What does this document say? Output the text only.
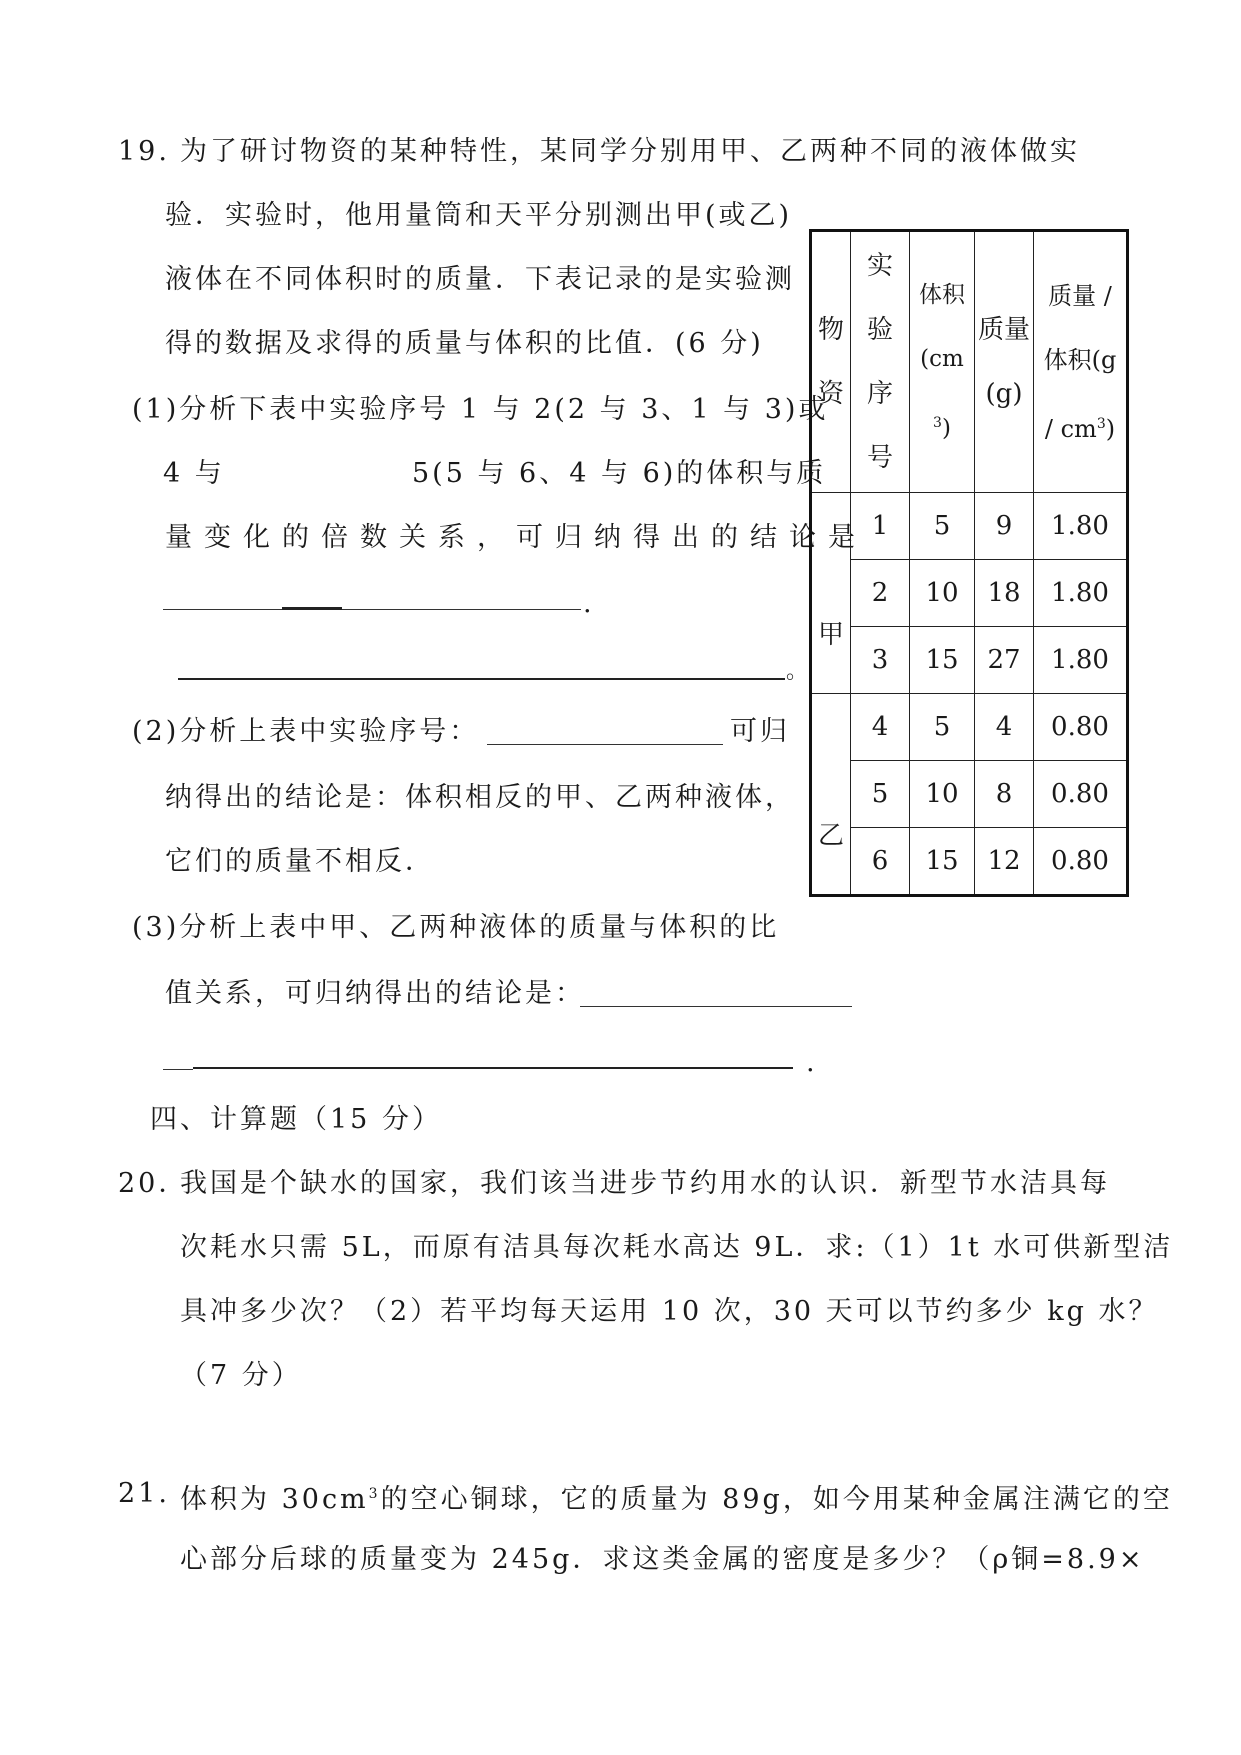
19. 为了研讨物资的某种特性，某同学分别用甲、乙两种不同的液体做实
验．实验时，他用量筒和天平分别测出甲(或乙)
液体在不同体积时的质量．下表记录的是实验测
得的数据及求得的质量与体积的比值．(6 分)
(1)分析下表中实验序号 1 与 2(2 与 3、1 与 3)或
4 与	5(5 与 6、4 与 6)的体积与质
量变化的倍数关系，可归纳得出的结论是
.
。
(2)分析上表中实验序号：	可归
纳得出的结论是：体积相反的甲、乙两种液体，
它们的质量不相反．
(3)分析上表中甲、乙两种液体的质量与体积的比
值关系，可归纳得出的结论是：
.
物资	实验序号	体积$(cm^3)$	质量(g)	质量 /
体积(g
/ $cm^3$)

甲	1	5	9	1.80
	2	10	18	1.80
	3	15	27	1.80
乙	4	5	4	0.80
	5	10	8	0.80
	6	15	12	0.80
四、计算题（15 分）
20．
我国是个缺水的国家，我们该当进步节约用水的认识．新型节水洁具每
次耗水只需 5L，而原有洁具每次耗水高达 9L．求:（1）1t 水可供新型洁
具冲多少次？（2）若平均每天运用 10 次，30 天可以节约多少 kg 水？
（7 分）
21. 体积为 $30cm^3$的空心铜球，它的质量为 89g，如今用某种金属注满它的空
心部分后球的质量变为 245g．求这类金属的密度是多少？（ρ铜=8.9×
